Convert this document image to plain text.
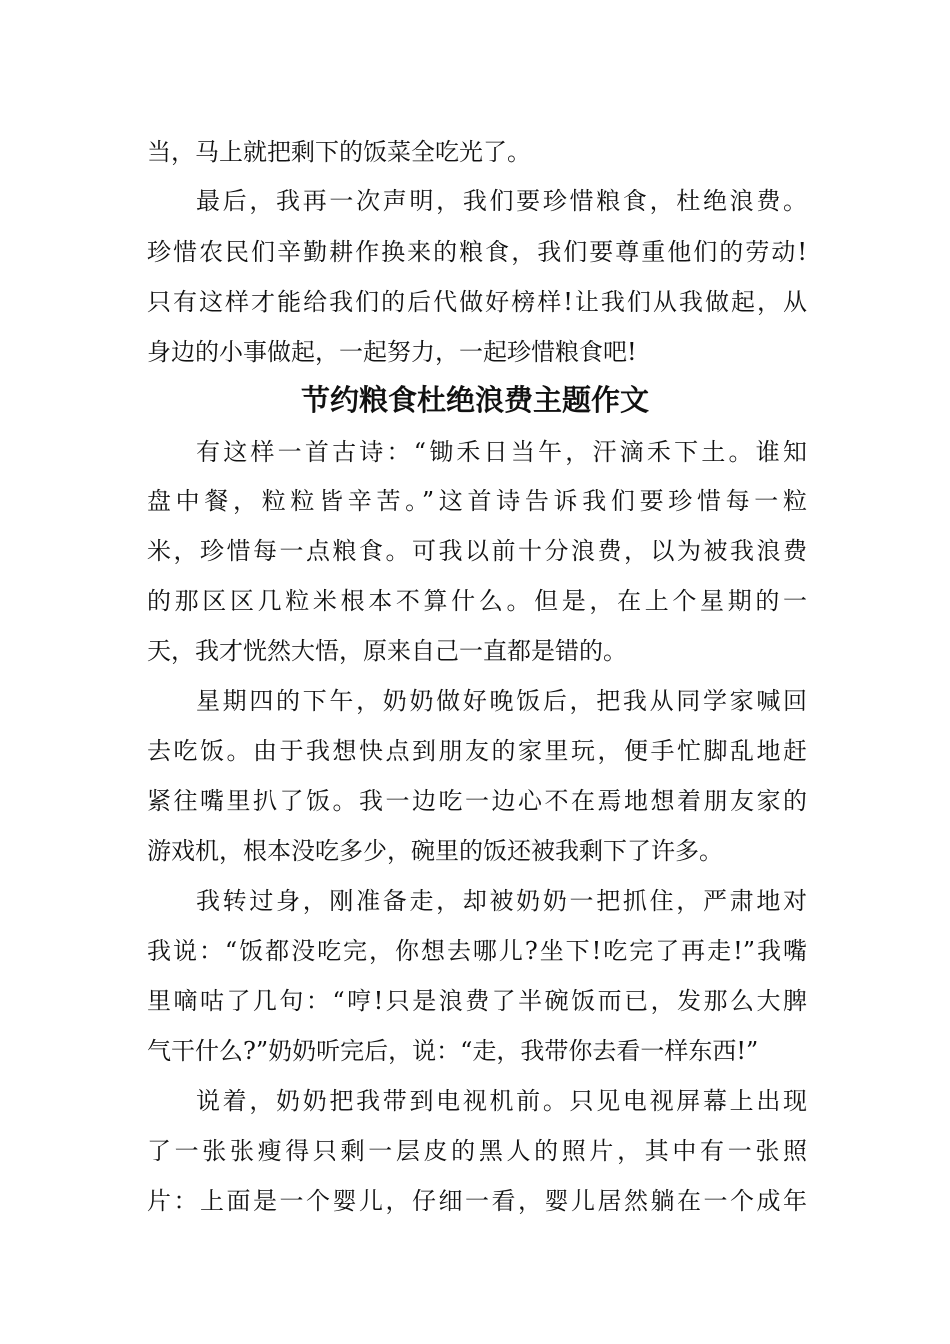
当，马上就把剩下的饭菜全吃光了。
最后，我再一次声明，我们要珍惜粮食，杜绝浪费。
珍惜农民们辛勤耕作换来的粮食，我们要尊重他们的劳动!
只有这样才能给我们的后代做好榜样!让我们从我做起，从
身边的小事做起，一起努力，一起珍惜粮食吧!
节约粮食杜绝浪费主题作文
有这样一首古诗：“锄禾日当午，汗滴禾下土。谁知
盘中餐，粒粒皆辛苦。”这首诗告诉我们要珍惜每一粒
米，珍惜每一点粮食。可我以前十分浪费，以为被我浪费
的那区区几粒米根本不算什么。但是，在上个星期的一
天，我才恍然大悟，原来自己一直都是错的。
星期四的下午，奶奶做好晚饭后，把我从同学家喊回
去吃饭。由于我想快点到朋友的家里玩，便手忙脚乱地赶
紧往嘴里扒了饭。我一边吃一边心不在焉地想着朋友家的
游戏机，根本没吃多少，碗里的饭还被我剩下了许多。
我转过身，刚准备走，却被奶奶一把抓住，严肃地对
我说：“饭都没吃完，你想去哪儿?坐下!吃完了再走!”我嘴
里嘀咕了几句：“哼!只是浪费了半碗饭而已，发那么大脾
气干什么?”奶奶听完后，说：“走，我带你去看一样东西!”
说着，奶奶把我带到电视机前。只见电视屏幕上出现
了一张张瘦得只剩一层皮的黑人的照片，其中有一张照
片：上面是一个婴儿，仔细一看，婴儿居然躺在一个成年
